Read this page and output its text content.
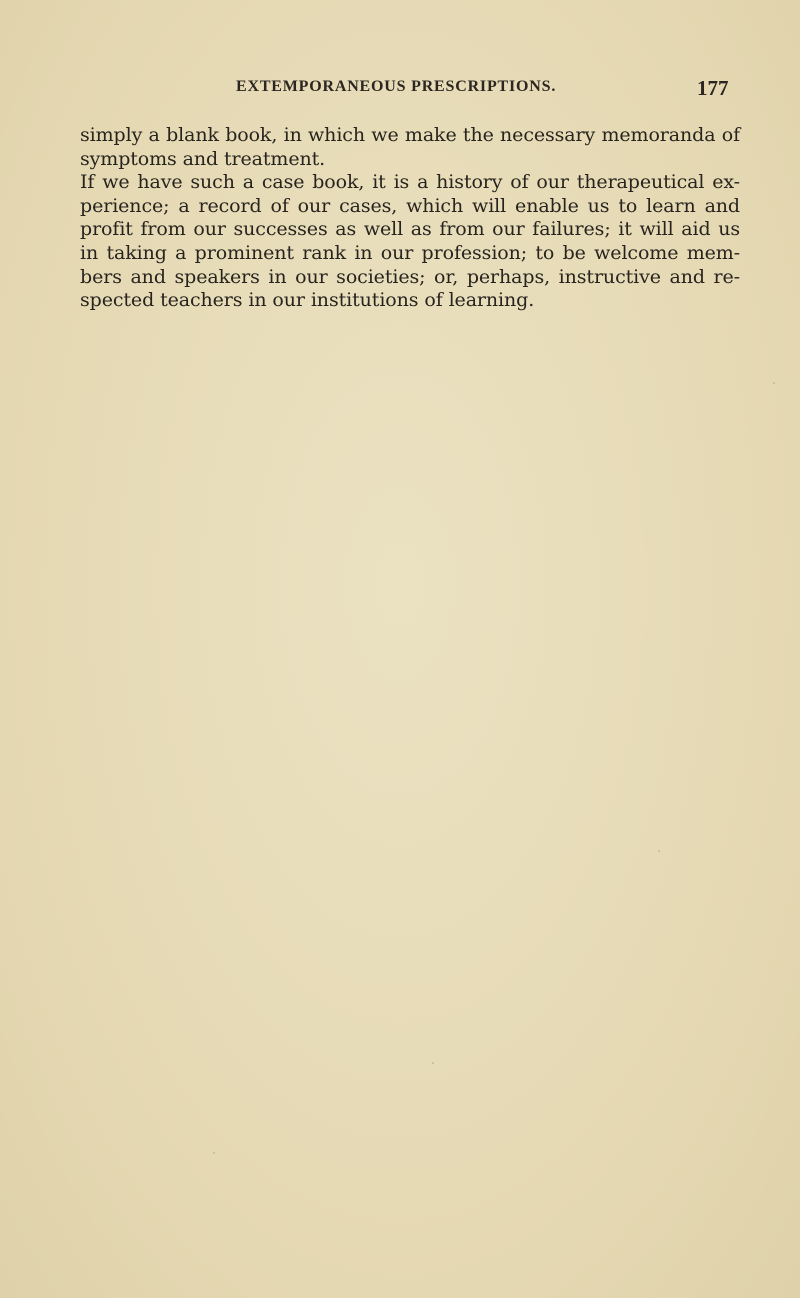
EXTEMPORANEOUS PRESCRIPTIONS.	177
simply a blank book, in which we make the necessary memoranda of
symptoms and treatment.
If we have such a case book, it is a history of our therapeutical ex-
perience; a record of our cases, which will enable us to learn and
profit from our successes as well as from our failures; it will aid us
in taking a prominent rank in our profession; to be welcome mem-
bers and speakers in our societies; or, perhaps, instructive and re-
spected teachers in our institutions of learning.
